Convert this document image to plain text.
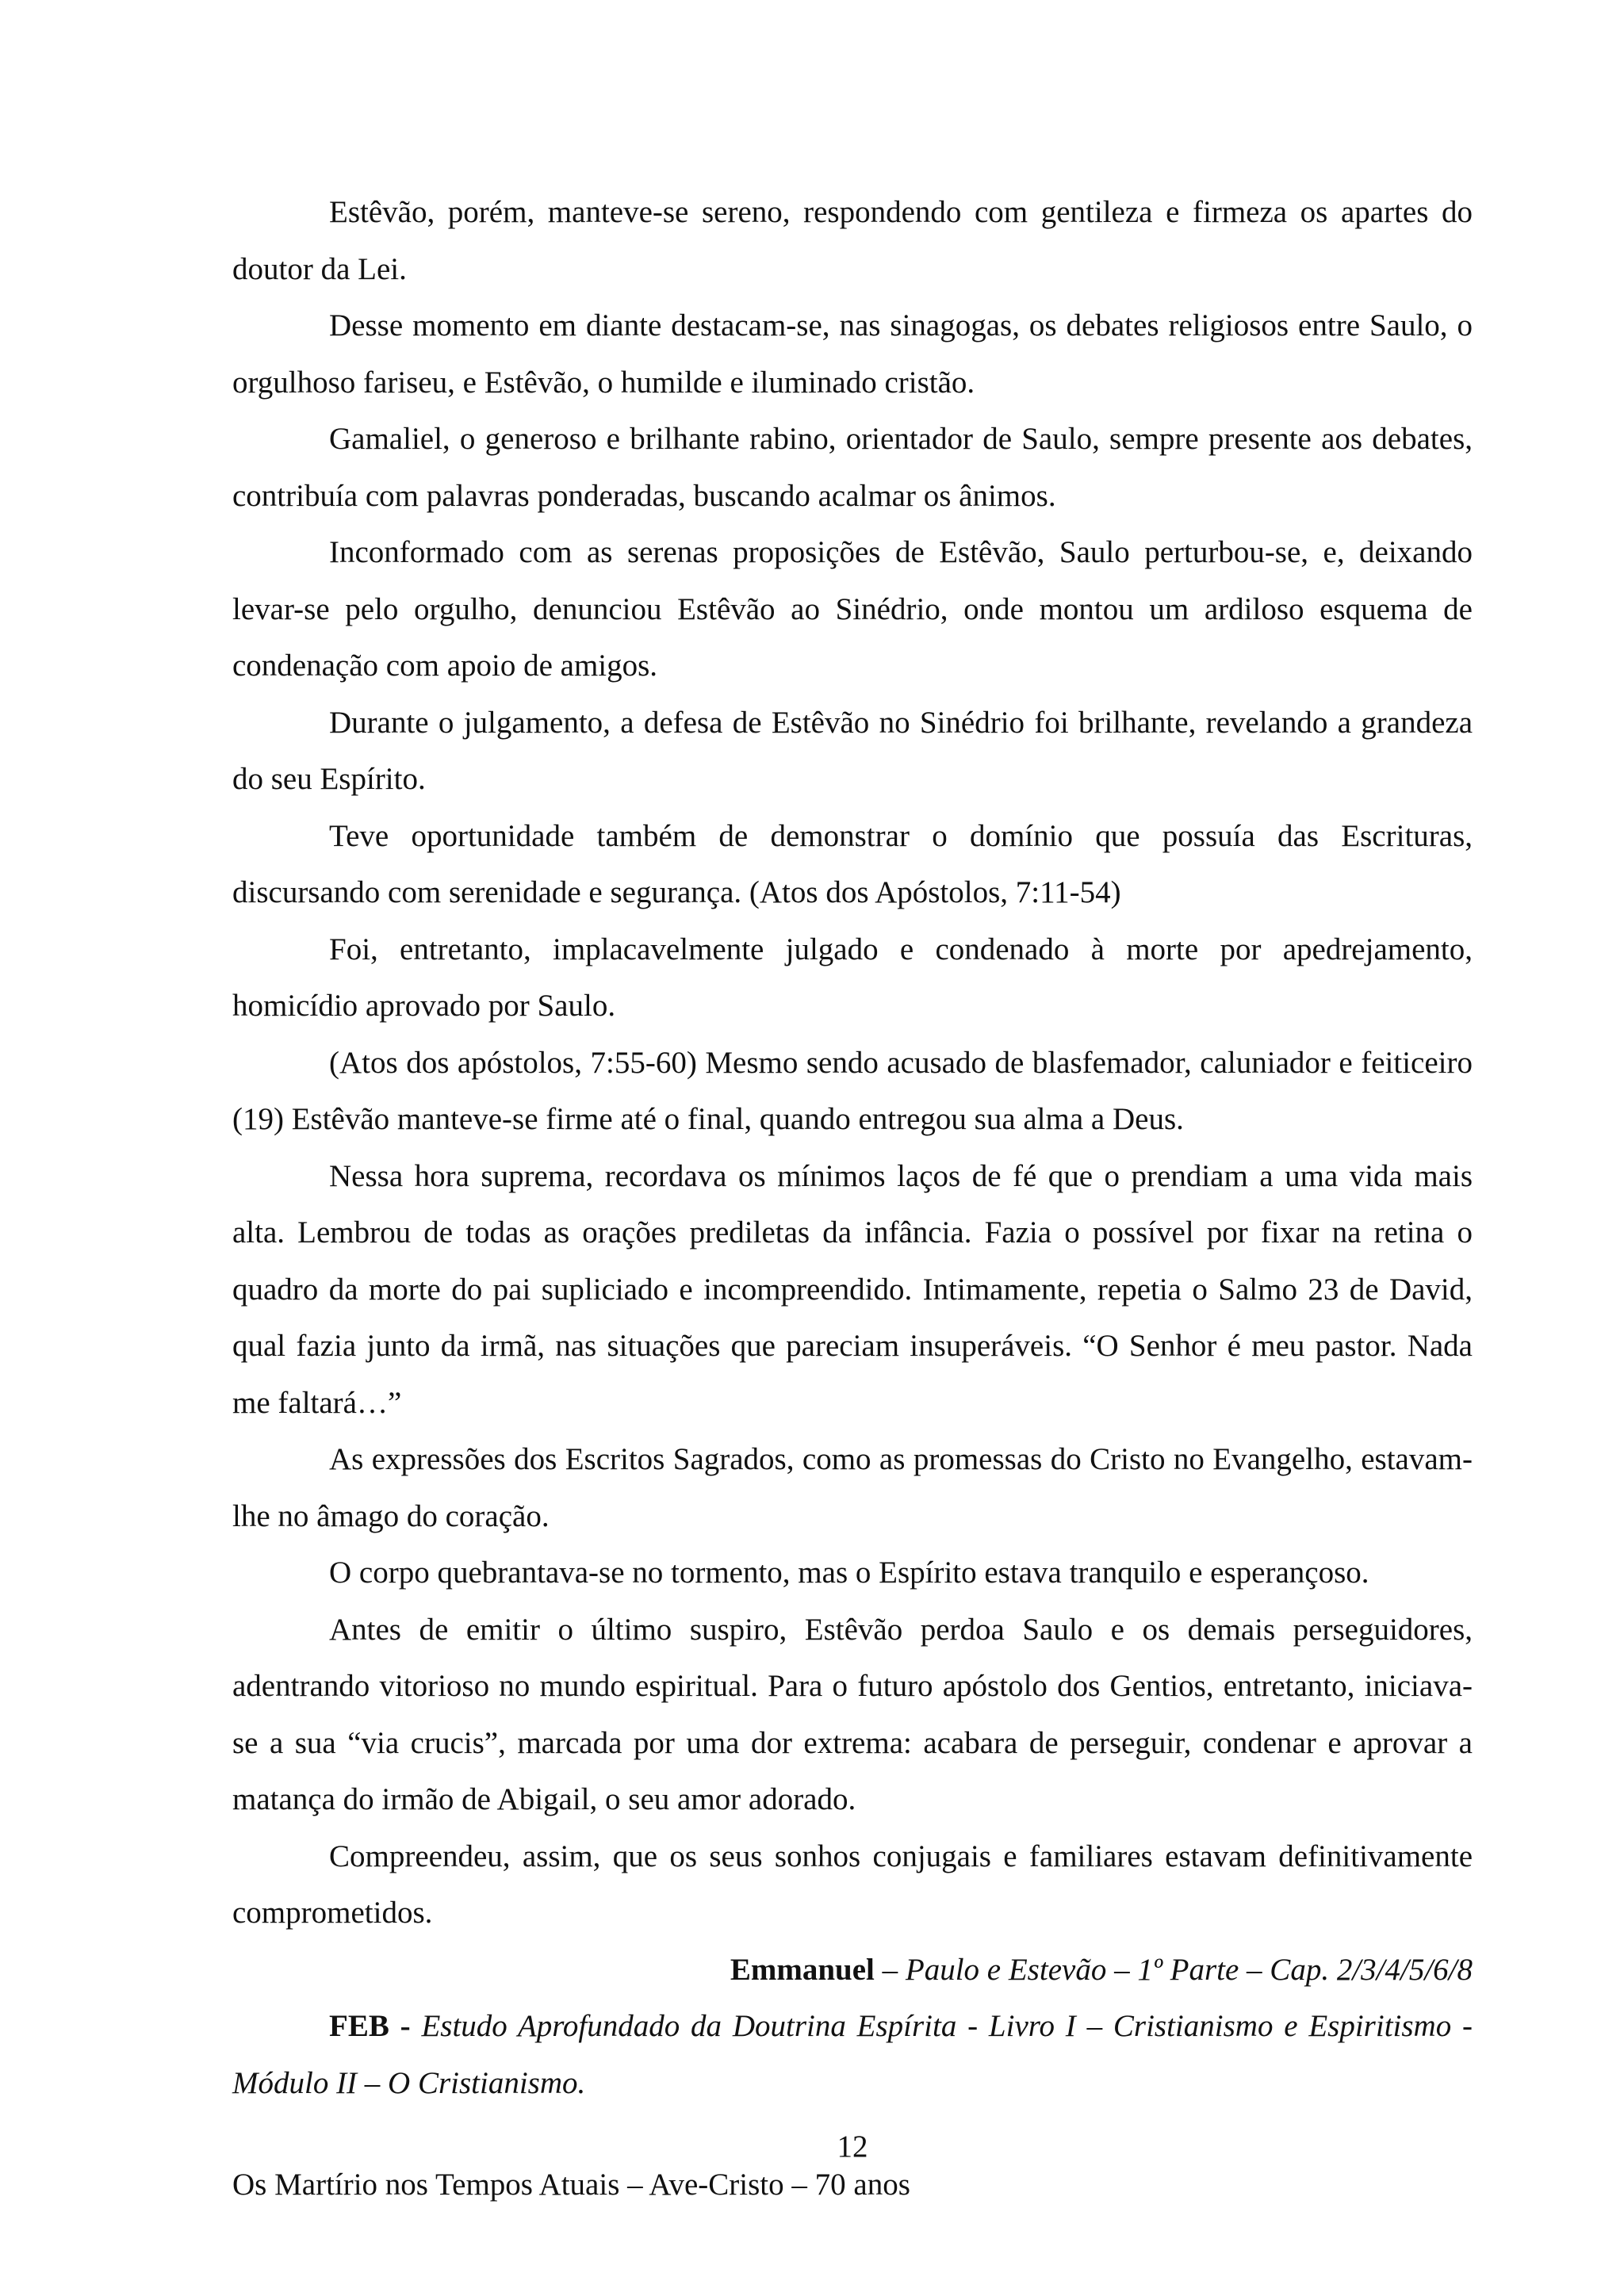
Estêvão, porém, manteve-se sereno, respondendo com gentileza e firmeza os apartes do doutor da Lei.

Desse momento em diante destacam-se, nas sinagogas, os debates religiosos entre Saulo, o orgulhoso fariseu, e Estêvão, o humilde e iluminado cristão.

Gamaliel, o generoso e brilhante rabino, orientador de Saulo, sempre presente aos debates, contribuía com palavras ponderadas, buscando acalmar os ânimos.

Inconformado com as serenas proposições de Estêvão, Saulo perturbou-se, e, deixando levar-se pelo orgulho, denunciou Estêvão ao Sinédrio, onde montou um ardiloso esquema de condenação com apoio de amigos.

Durante o julgamento, a defesa de Estêvão no Sinédrio foi brilhante, revelando a grandeza do seu Espírito.

Teve oportunidade também de demonstrar o domínio que possuía das Escrituras, discursando com serenidade e segurança. (Atos dos Apóstolos, 7:11-54)

Foi, entretanto, implacavelmente julgado e condenado à morte por apedrejamento, homicídio aprovado por Saulo.

(Atos dos apóstolos, 7:55-60) Mesmo sendo acusado de blasfemador, caluniador e feiticeiro (19) Estêvão manteve-se firme até o final, quando entregou sua alma a Deus.

Nessa hora suprema, recordava os mínimos laços de fé que o prendiam a uma vida mais alta. Lembrou de todas as orações prediletas da infância. Fazia o possível por fixar na retina o quadro da morte do pai supliciado e incompreendido. Intimamente, repetia o Salmo 23 de David, qual fazia junto da irmã, nas situações que pareciam insuperáveis. “O Senhor é meu pastor. Nada me faltará…”

As expressões dos Escritos Sagrados, como as promessas do Cristo no Evangelho, estavam-lhe no âmago do coração.

O corpo quebrantava-se no tormento, mas o Espírito estava tranquilo e esperançoso.

Antes de emitir o último suspiro, Estêvão perdoa Saulo e os demais perseguidores, adentrando vitorioso no mundo espiritual. Para o futuro apóstolo dos Gentios, entretanto, iniciava-se a sua “via crucis”, marcada por uma dor extrema: acabara de perseguir, condenar e aprovar a matança do irmão de Abigail, o seu amor adorado.

Compreendeu, assim, que os seus sonhos conjugais e familiares estavam definitivamente comprometidos.

Emmanuel – Paulo e Estevão – 1º Parte – Cap. 2/3/4/5/6/8

FEB - Estudo Aprofundado da Doutrina Espírita - Livro I – Cristianismo e Espiritismo - Módulo II – O Cristianismo.

12
Os Martírio nos Tempos Atuais – Ave-Cristo – 70 anos
